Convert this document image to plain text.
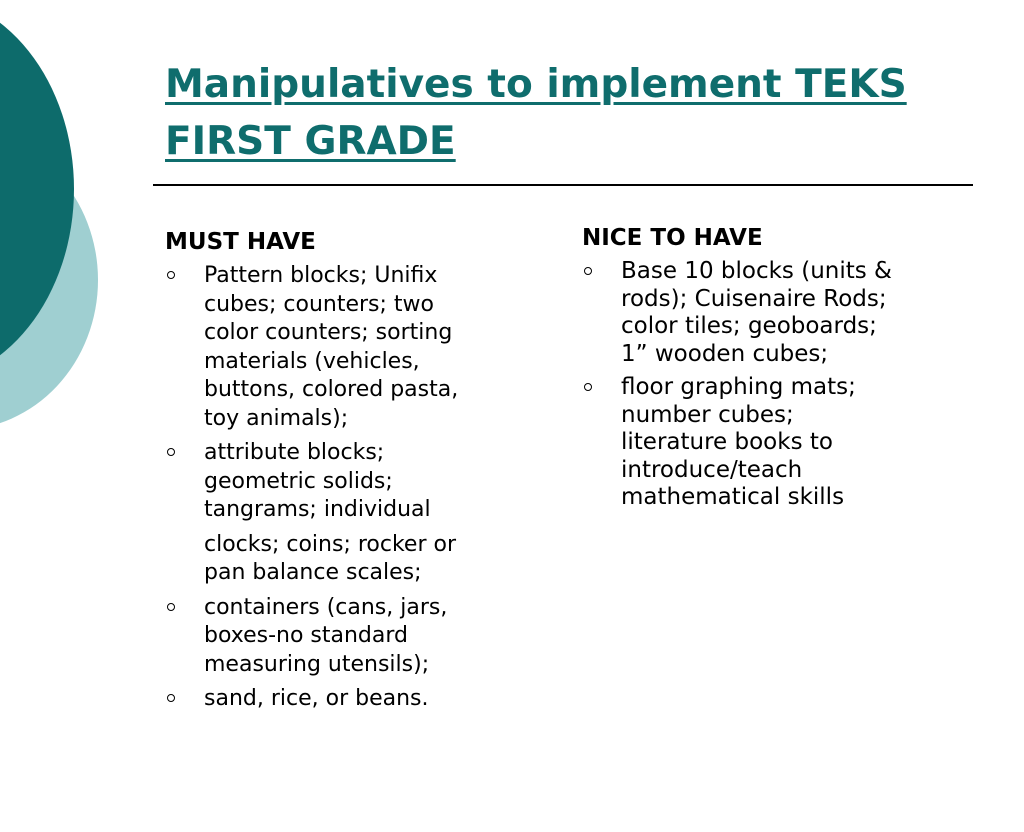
Manipulatives to implement TEKS
FIRST GRADE
MUST HAVE
Pattern blocks; Unifix
cubes; counters; two
color counters; sorting
materials (vehicles,
buttons, colored pasta,
toy animals);
attribute blocks;
geometric solids;
tangrams; individual
clocks; coins; rocker or
pan balance scales;
containers (cans, jars,
boxes-no standard
measuring utensils);
sand, rice, or beans.
NICE TO HAVE
Base 10 blocks (units &
rods); Cuisenaire Rods;
color tiles; geoboards;
1” wooden cubes;
floor graphing mats;
number cubes;
literature books to
introduce/teach
mathematical skills
